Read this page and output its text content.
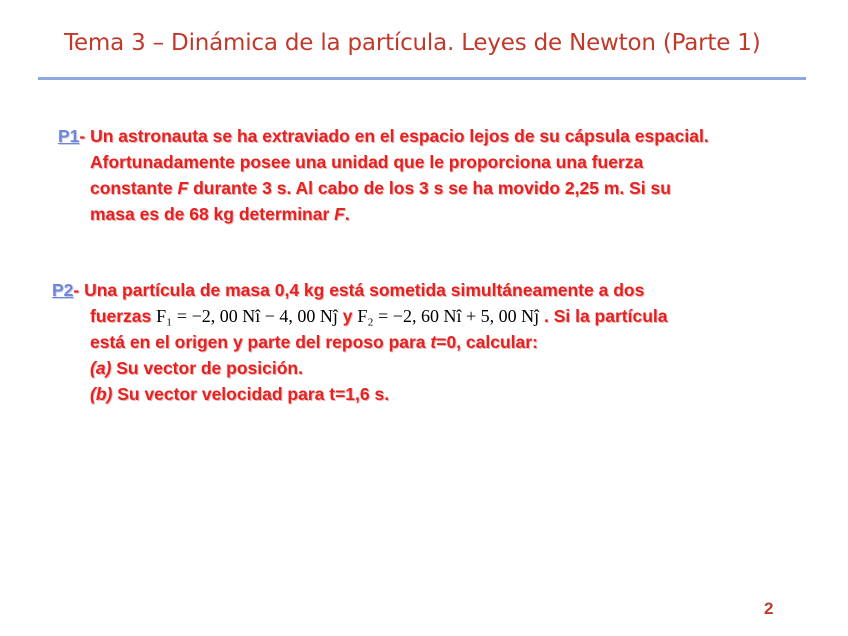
Tema 3 – Dinámica de la partícula. Leyes de Newton (Parte 1)
P1- Un astronauta se ha extraviado en el espacio lejos de su cápsula espacial.
Afortunadamente posee una unidad que le proporciona una fuerza
constante F durante 3 s. Al cabo de los 3 s se ha movido 2,25 m. Si su
masa es de 68 kg determinar F.
P2- Una partícula de masa 0,4 kg está sometida simultáneamente a dos
fuerzas F₁ = −2, 00 Nî − 4, 00 Nĵ y F₂ = −2, 60 Nî + 5, 00 Nĵ . Si la partícula
está en el origen y parte del reposo para t=0, calcular:
(a) Su vector de posición.
(b) Su vector velocidad para t=1,6 s.
2
